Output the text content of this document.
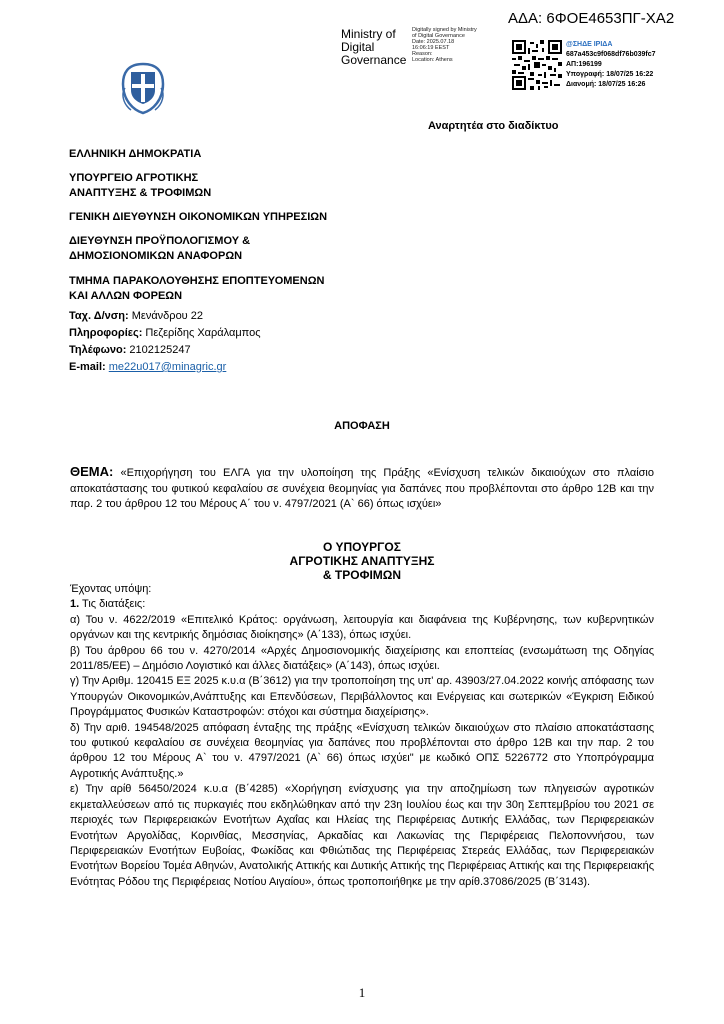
ΑΔΑ: 6ΦΟΕ4653ΠΓ-ΧΑ2
Ministry of
Digital
Governance
Digitally signed by Ministry
of Digital Governance
Date: 2025.07.18
16:06:19 EEST
Reason:
Location: Athens
@ΣΗΔΕ ΙΡΙΔΑ
687a453c9f068df76b039fc7
ΑΠ:196199
Υπογραφή: 18/07/25 16:22
Διανομή: 18/07/25 16:26
Αναρτητέα στο διαδίκτυο
ΕΛΛΗΝΙΚΗ ΔΗΜΟΚΡΑΤΙΑ
ΥΠΟΥΡΓΕΙΟ ΑΓΡΟΤΙΚΗΣ
ΑΝΑΠΤΥΞΗΣ & ΤΡΟΦΙΜΩΝ
ΓΕΝΙΚΗ ΔΙΕΥΘΥΝΣΗ ΟΙΚΟΝΟΜΙΚΩΝ ΥΠΗΡΕΣΙΩΝ
ΔΙΕΥΘΥΝΣΗ ΠΡΟΫΠΟΛΟΓΙΣΜΟΥ &
ΔΗΜΟΣΙΟΝΟΜΙΚΩΝ ΑΝΑΦΟΡΩΝ
ΤΜΗΜΑ ΠΑΡΑΚΟΛΟΥΘΗΣΗΣ ΕΠΟΠΤΕΥΟΜΕΝΩΝ
ΚΑΙ ΑΛΛΩΝ ΦΟΡΕΩΝ
Ταχ. Δ/νση: Μενάνδρου 22
Πληροφορίες: Πεζερίδης Χαράλαμπος
Τηλέφωνο: 2102125247
E-mail: me22u017@minagric.gr
ΑΠΟΦΑΣΗ
ΘΕΜΑ: «Επιχορήγηση του ΕΛΓΑ για την υλοποίηση της Πράξης «Ενίσχυση τελικών δικαιούχων στο πλαίσιο αποκατάστασης του φυτικού κεφαλαίου σε συνέχεια θεομηνίας για δαπάνες που προβλέπονται στο άρθρο 12Β και την παρ. 2 του άρθρου 12 του Μέρους Α΄ του ν. 4797/2021 (Α` 66) όπως ισχύει»
Ο ΥΠΟΥΡΓΟΣ
ΑΓΡΟΤΙΚΗΣ ΑΝΑΠΤΥΞΗΣ
& ΤΡΟΦΙΜΩΝ

Έχοντας υπόψη:

1. Τις διατάξεις:

α) Του ν. 4622/2019 «Επιτελικό Κράτος: οργάνωση, λειτουργία και διαφάνεια της Κυβέρνησης, των κυβερνητικών οργάνων και της κεντρικής δημόσιας διοίκησης» (Α΄133), όπως ισχύει.

β) Του άρθρου 66 του ν. 4270/2014 «Αρχές Δημοσιονομικής διαχείρισης και εποπτείας (ενσωμάτωση της Οδηγίας 2011/85/ΕΕ) – Δημόσιο Λογιστικό και άλλες διατάξεις» (Α΄143), όπως ισχύει.

γ) Την Αριθμ. 120415 ΕΞ 2025 κ.υ.α (Β΄3612) για την τροποποίηση της υπ' αρ. 43903/27.04.2022 κοινής απόφασης των Υπουργών Οικονομικών,Ανάπτυξης και Επενδύσεων, Περιβάλλοντος και Ενέργειας και σωτερικών «Έγκριση Ειδικού Προγράμματος Φυσικών Καταστροφών: στόχοι και σύστημα διαχείρισης».

δ) Την αριθ. 194548/2025 απόφαση ένταξης της πράξης «Ενίσχυση τελικών δικαιούχων στο πλαίσιο αποκατάστασης του φυτικού κεφαλαίου σε συνέχεια θεομηνίας για δαπάνες που προβλέπονται στο άρθρο 12Β και την παρ. 2 του άρθρου 12 του Μέρους Α` του ν. 4797/2021 (Α` 66) όπως ισχύει" με κωδικό ΟΠΣ 5226772 στο Υποπρόγραμμα Αγροτικής Ανάπτυξης.»

ε) Την αρίθ 56450/2024 κ.υ.α (Β΄4285) «Χορήγηση ενίσχυσης για την αποζημίωση των πληγεισών αγροτικών εκμεταλλεύσεων από τις πυρκαγιές που εκδηλώθηκαν από την 23η Ιουλίου έως και την 30η Σεπτεμβρίου του 2021 σε περιοχές των Περιφερειακών Ενοτήτων Αχαΐας και Ηλείας της Περιφέρειας Δυτικής Ελλάδας, των Περιφερειακών Ενοτήτων Αργολίδας, Κορινθίας, Μεσσηνίας, Αρκαδίας και Λακωνίας της Περιφέρειας Πελοποννήσου, των Περιφερειακών Ενοτήτων Ευβοίας, Φωκίδας και Φθιώτιδας της Περιφέρειας Στερεάς Ελλάδας, των Περιφερειακών Ενοτήτων Βορείου Τομέα Αθηνών, Ανατολικής Αττικής και Δυτικής Αττικής της Περιφέρειας Αττικής και της Περιφερειακής Ενότητας Ρόδου της Περιφέρειας Νοτίου Αιγαίου», όπως τροποποιήθηκε με την αρίθ.37086/2025 (Β΄3143).

1
